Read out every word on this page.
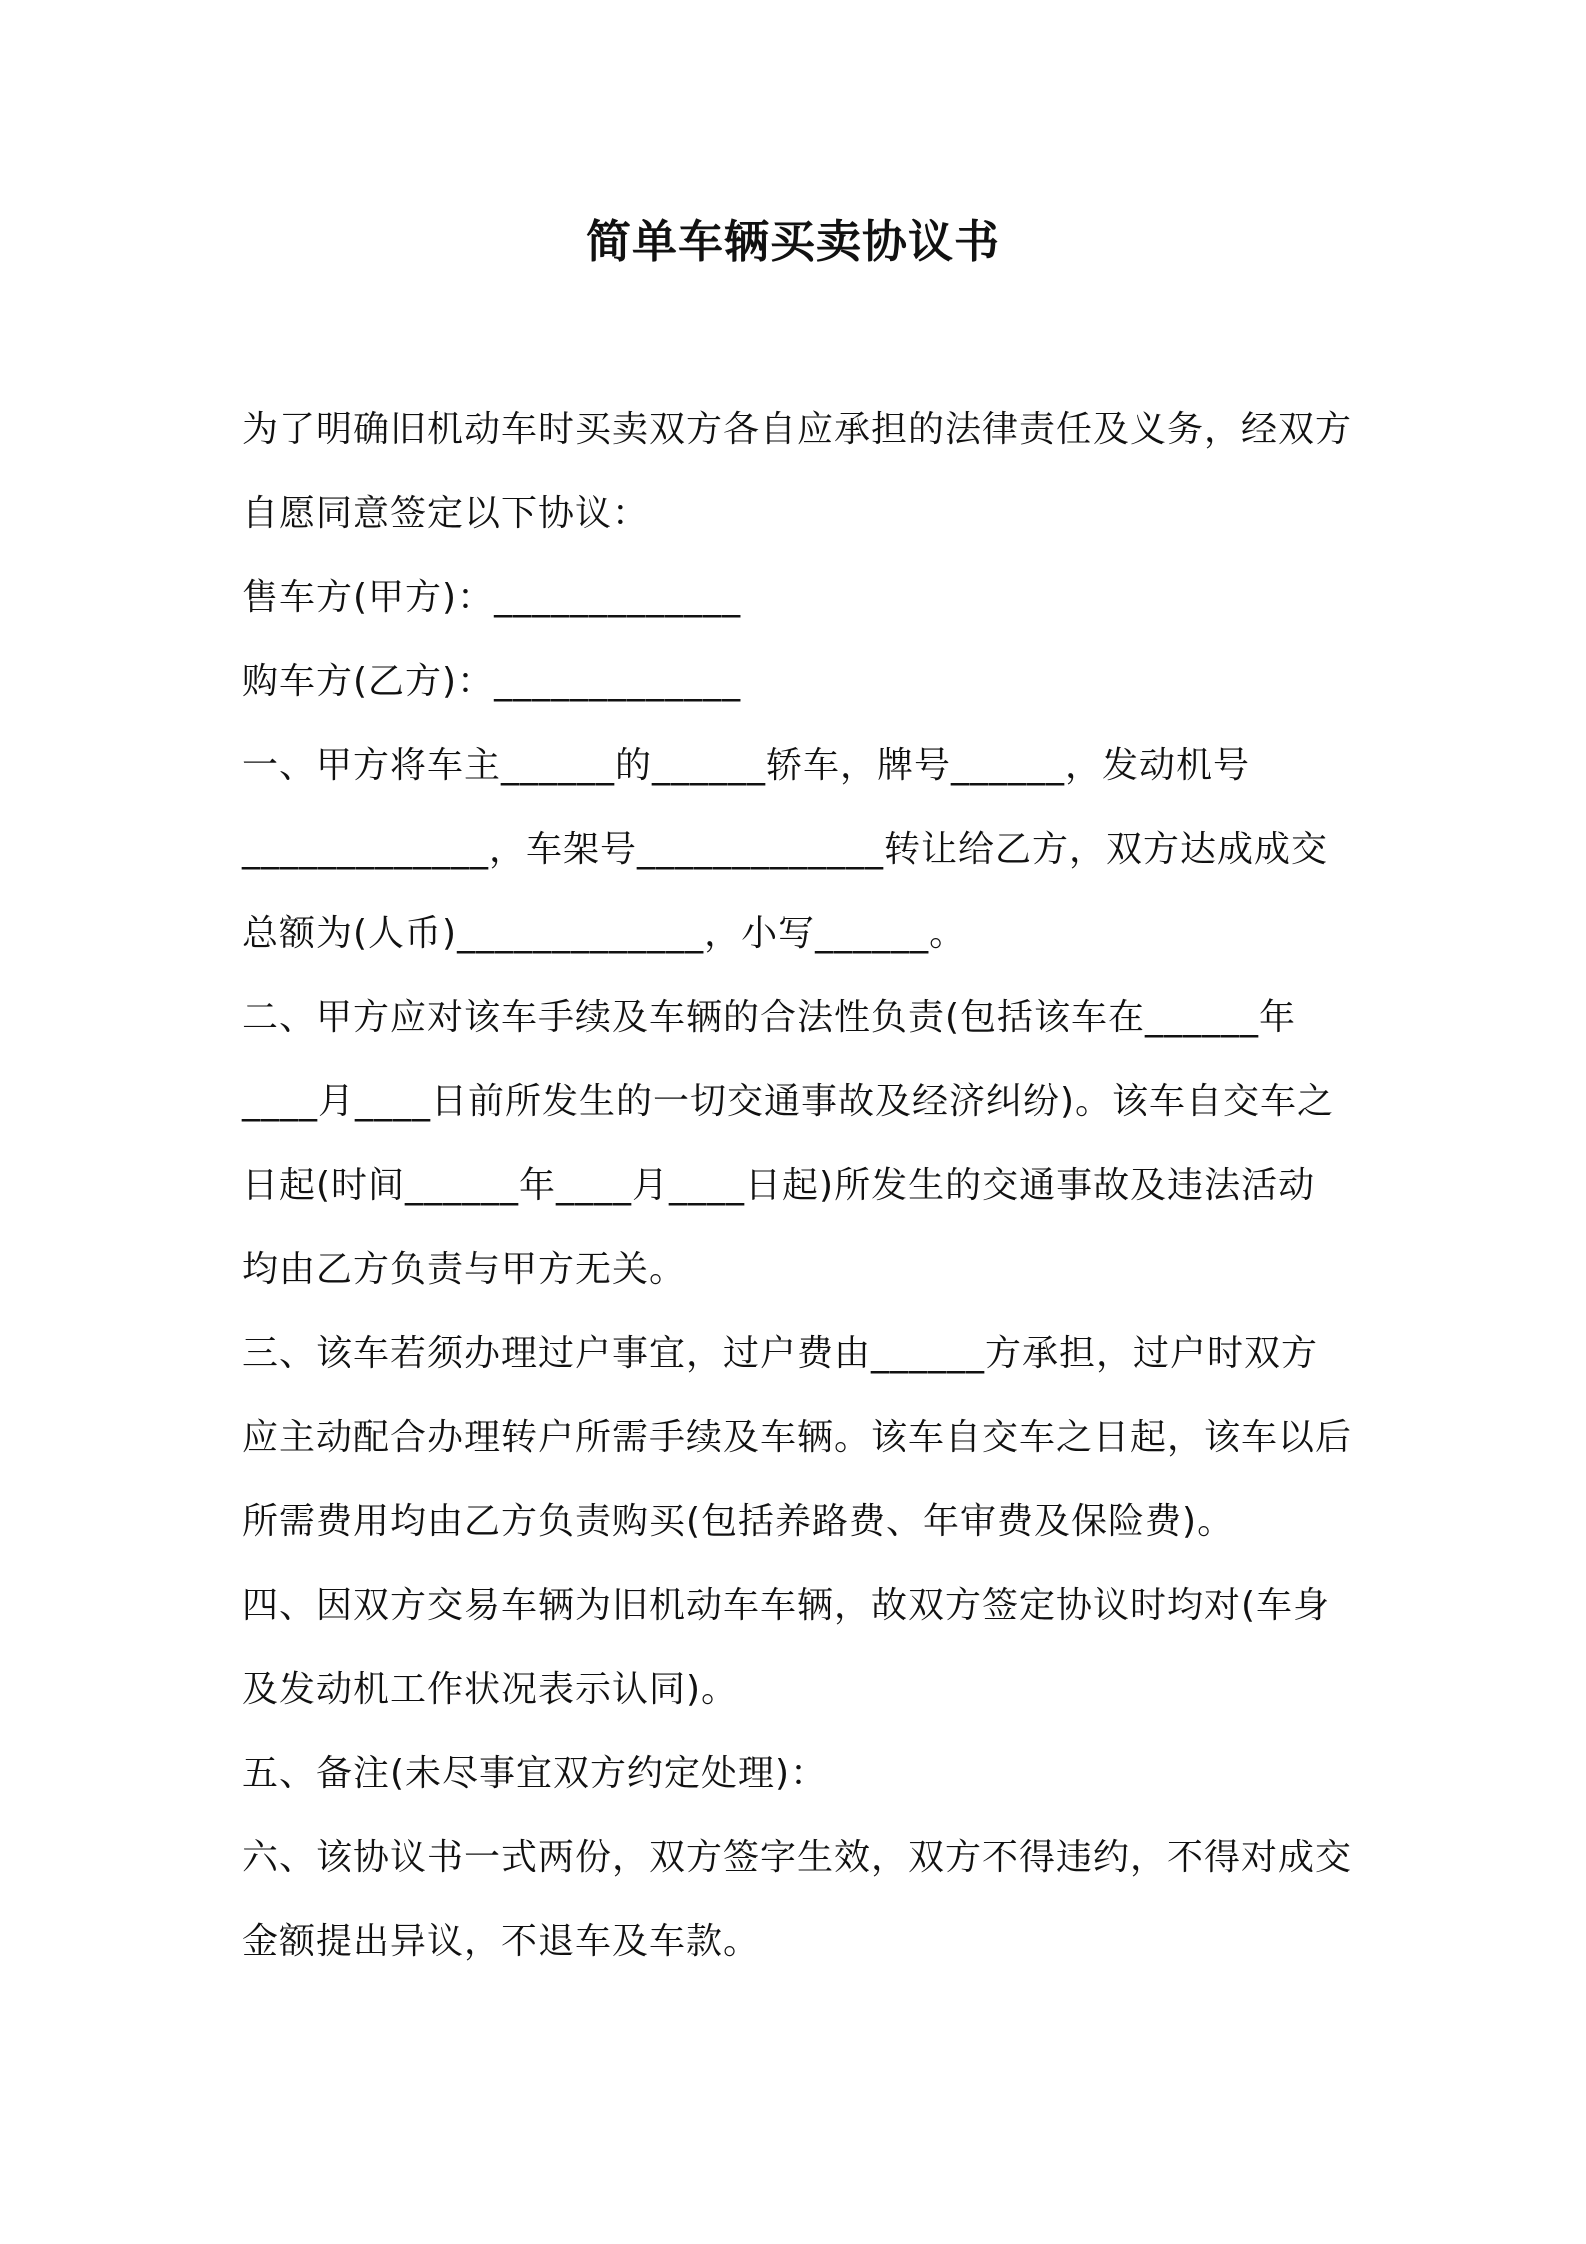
简单车辆买卖协议书
为了明确旧机动车时买卖双方各自应承担的法律责任及义务，经双方
自愿同意签定以下协议：
售车方(甲方)：_____________
购车方(乙方)：_____________
一、甲方将车主______的______轿车，牌号______，发动机号
_____________，车架号_____________转让给乙方，双方达成成交
总额为(人币)_____________，小写______。
二、甲方应对该车手续及车辆的合法性负责(包括该车在______年
____月____日前所发生的一切交通事故及经济纠纷)。该车自交车之
日起(时间______年____月____日起)所发生的交通事故及违法活动
均由乙方负责与甲方无关。
三、该车若须办理过户事宜，过户费由______方承担，过户时双方
应主动配合办理转户所需手续及车辆。该车自交车之日起，该车以后
所需费用均由乙方负责购买(包括养路费、年审费及保险费)。
四、因双方交易车辆为旧机动车车辆，故双方签定协议时均对(车身
及发动机工作状况表示认同)。
五、备注(未尽事宜双方约定处理)：
六、该协议书一式两份，双方签字生效，双方不得违约，不得对成交
金额提出异议，不退车及车款。
